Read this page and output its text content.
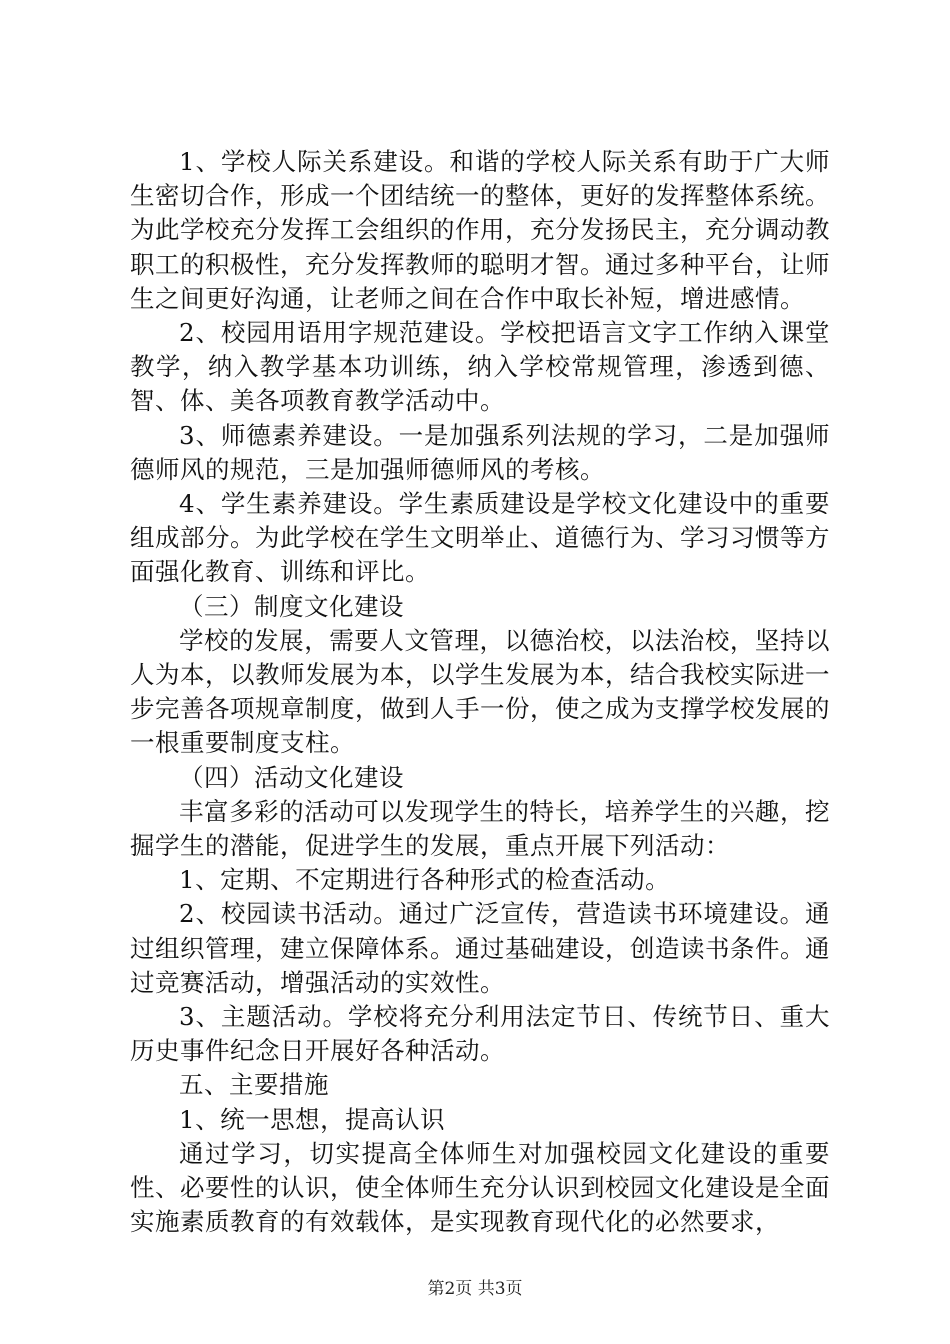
1、学校人际关系建设。和谐的学校人际关系有助于广大师生密切合作，形成一个团结统一的整体，更好的发挥整体系统。为此学校充分发挥工会组织的作用，充分发扬民主，充分调动教职工的积极性，充分发挥教师的聪明才智。通过多种平台，让师生之间更好沟通，让老师之间在合作中取长补短，增进感情。

2、校园用语用字规范建设。学校把语言文字工作纳入课堂教学，纳入教学基本功训练，纳入学校常规管理，渗透到德、智、体、美各项教育教学活动中。

3、师德素养建设。一是加强系列法规的学习，二是加强师德师风的规范，三是加强师德师风的考核。

4、学生素养建设。学生素质建设是学校文化建设中的重要组成部分。为此学校在学生文明举止、道德行为、学习习惯等方面强化教育、训练和评比。

（三）制度文化建设

学校的发展，需要人文管理，以德治校，以法治校，坚持以人为本，以教师发展为本，以学生发展为本，结合我校实际进一步完善各项规章制度，做到人手一份，使之成为支撑学校发展的一根重要制度支柱。

（四）活动文化建设

丰富多彩的活动可以发现学生的特长，培养学生的兴趣，挖掘学生的潜能，促进学生的发展，重点开展下列活动：

1、定期、不定期进行各种形式的检查活动。

2、校园读书活动。通过广泛宣传，营造读书环境建设。通过组织管理，建立保障体系。通过基础建设，创造读书条件。通过竞赛活动，增强活动的实效性。

3、主题活动。学校将充分利用法定节日、传统节日、重大历史事件纪念日开展好各种活动。

五、主要措施

1、统一思想，提高认识

通过学习，切实提高全体师生对加强校园文化建设的重要性、必要性的认识，使全体师生充分认识到校园文化建设是全面实施素质教育的有效载体，是实现教育现代化的必然要求，

第2页 共3页
